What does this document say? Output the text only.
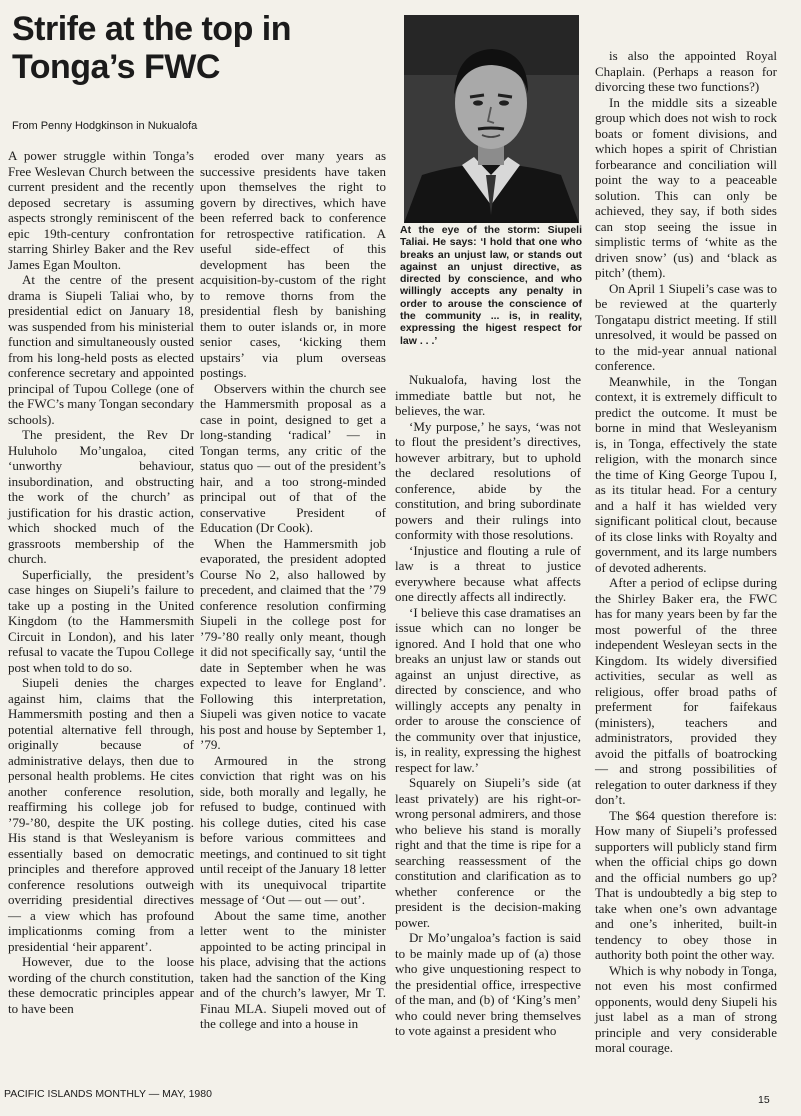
Strife at the top in Tonga’s FWC
From Penny Hodgkinson in Nukualofa

A power struggle within Tonga’s Free Weslevan Church between the current president and the recently deposed secretary is assuming aspects strongly reminiscent of the epic 19th-century confrontation starring Shirley Baker and the Rev James Egan Moulton.

At the centre of the present drama is Siupeli Taliai who, by presidential edict on January 18, was suspended from his ministerial function and simultaneously ousted from his long-held posts as elected conference secretary and appointed principal of Tupou College (one of the FWC’s many Tongan secondary schools).

The president, the Rev Dr Huluholo Mo’ungaloa, cited ‘unworthy behaviour, insubordination, and obstructing the work of the church’ as justification for his drastic action, which shocked much of the grassroots membership of the church.

Superficially, the president’s case hinges on Siupeli’s failure to take up a posting in the United Kingdom (to the Hammersmith Circuit in London), and his later refusal to vacate the Tupou College post when told to do so.

Siupeli denies the charges against him, claims that the Hammersmith posting and then a potential alternative fell through, originally because of administrative delays, then due to personal health problems. He cites another conference resolution, reaffirming his college job for ’79-’80, despite the UK posting. His stand is that Wesleyanism is essentially based on democratic principles and therefore approved conference resolutions outweigh overriding presidential directives — a view which has profound implicationms coming from a presidential ‘heir apparent’.

However, due to the loose wording of the church constitution, these democratic principles appear to have been

eroded over many years as successive presidents have taken upon themselves the right to govern by directives, which have been referred back to conference for retrospective ratification. A useful side-effect of this development has been the acquisition-by-custom of the right to remove thorns from the presidential flesh by banishing them to outer islands or, in more senior cases, ‘kicking them upstairs’ via plum overseas postings.

Observers within the church see the Hammersmith proposal as a case in point, designed to get a long-standing ‘radical’ — in Tongan terms, any critic of the status quo — out of the president’s hair, and a too strong-minded principal out of that of the conservative President of Education (Dr Cook).

When the Hammersmith job evaporated, the president adopted Course No 2, also hallowed by precedent, and claimed that the ’79 conference resolution confirming Siupeli in the college post for ’79-’80 really only meant, though it did not specifically say, ‘until the date in September when he was expected to leave for England’. Following this interpretation, Siupeli was given notice to vacate his post and house by September 1, ’79.

Armoured in the strong conviction that right was on his side, both morally and legally, he refused to budge, continued with his college duties, cited his case before various committees and meetings, and continued to sit tight until receipt of the January 18 letter with its unequivocal tripartite message of ‘Out — out — out’.

About the same time, another letter went to the minister appointed to be acting principal in his place, advising that the actions taken had the sanction of the King and of the church’s lawyer, Mr T. Finau MLA. Siupeli moved out of the college and into a house in

At the eye of the storm: Siupeli Taliai. He says: ‘I hold that one who breaks an unjust law, or stands out against an unjust directive, as directed by conscience, and who willingly accepts any penalty in order to arouse the conscience of the community ... is, in reality, expressing the higest respect for law . . .’

Nukualofa, having lost the immediate battle but not, he believes, the war.

‘My purpose,’ he says, ‘was not to flout the president’s directives, however arbitrary, but to uphold the declared resolutions of conference, abide by the constitution, and bring subordinate powers and their rulings into conformity with those resolutions.

‘Injustice and flouting a rule of law is a threat to justice everywhere because what affects one directly affects all indirectly.

‘I believe this case dramatises an issue which can no longer be ignored. And I hold that one who breaks an unjust law or stands out against an unjust directive, as directed by conscience, and who willingly accepts any penalty in order to arouse the conscience of the community over that injustice, is, in reality, expressing the highest respect for law.’

Squarely on Siupeli’s side (at least privately) are his right-or-wrong personal admirers, and those who believe his stand is morally right and that the time is ripe for a searching reassessment of the constitution and clarification as to whether conference or the president is the decision-making power.

Dr Mo’ungaloa’s faction is said to be mainly made up of (a) those who give unquestioning respect to the presidential office, irrespective of the man, and (b) of ‘King’s men’ who could never bring themselves to vote against a president who

is also the appointed Royal Chaplain. (Perhaps a reason for divorcing these two functions?)

In the middle sits a sizeable group which does not wish to rock boats or foment divisions, and which hopes a spirit of Christian forbearance and conciliation will point the way to a peaceable solution. This can only be achieved, they say, if both sides can stop seeing the issue in simplistic terms of ‘white as the driven snow’ (us) and ‘black as pitch’ (them).

On April 1 Siupeli’s case was to be reviewed at the quarterly Tongatapu district meeting. If still unresolved, it would be passed on to the mid-year annual national conference.

Meanwhile, in the Tongan context, it is extremely difficult to predict the outcome. It must be borne in mind that Wesleyanism is, in Tonga, effectively the state religion, with the monarch since the time of King George Tupou I, as its titular head. For a century and a half it has wielded very significant political clout, because of its close links with Royalty and government, and its large numbers of devoted adherents.

After a period of eclipse during the Shirley Baker era, the FWC has for many years been by far the most powerful of the three independent Wesleyan sects in the Kingdom. Its widely diversified activities, secular as well as religious, offer broad paths of preferment for faifekaus (ministers), teachers and administrators, provided they avoid the pitfalls of boatrocking — and strong possibilities of relegation to outer darkness if they don’t.

The $64 question therefore is: How many of Siupeli’s professed supporters will publicly stand firm when the official chips go down and the official numbers go up? That is undoubtedly a big step to take when one’s own advantage and one’s inherited, built-in tendency to obey those in authority both point the other way.

Which is why nobody in Tonga, not even his most confirmed opponents, would deny Siupeli his just label as a man of strong principle and very considerable moral courage.

PACIFIC ISLANDS MONTHLY — MAY, 1980	15
